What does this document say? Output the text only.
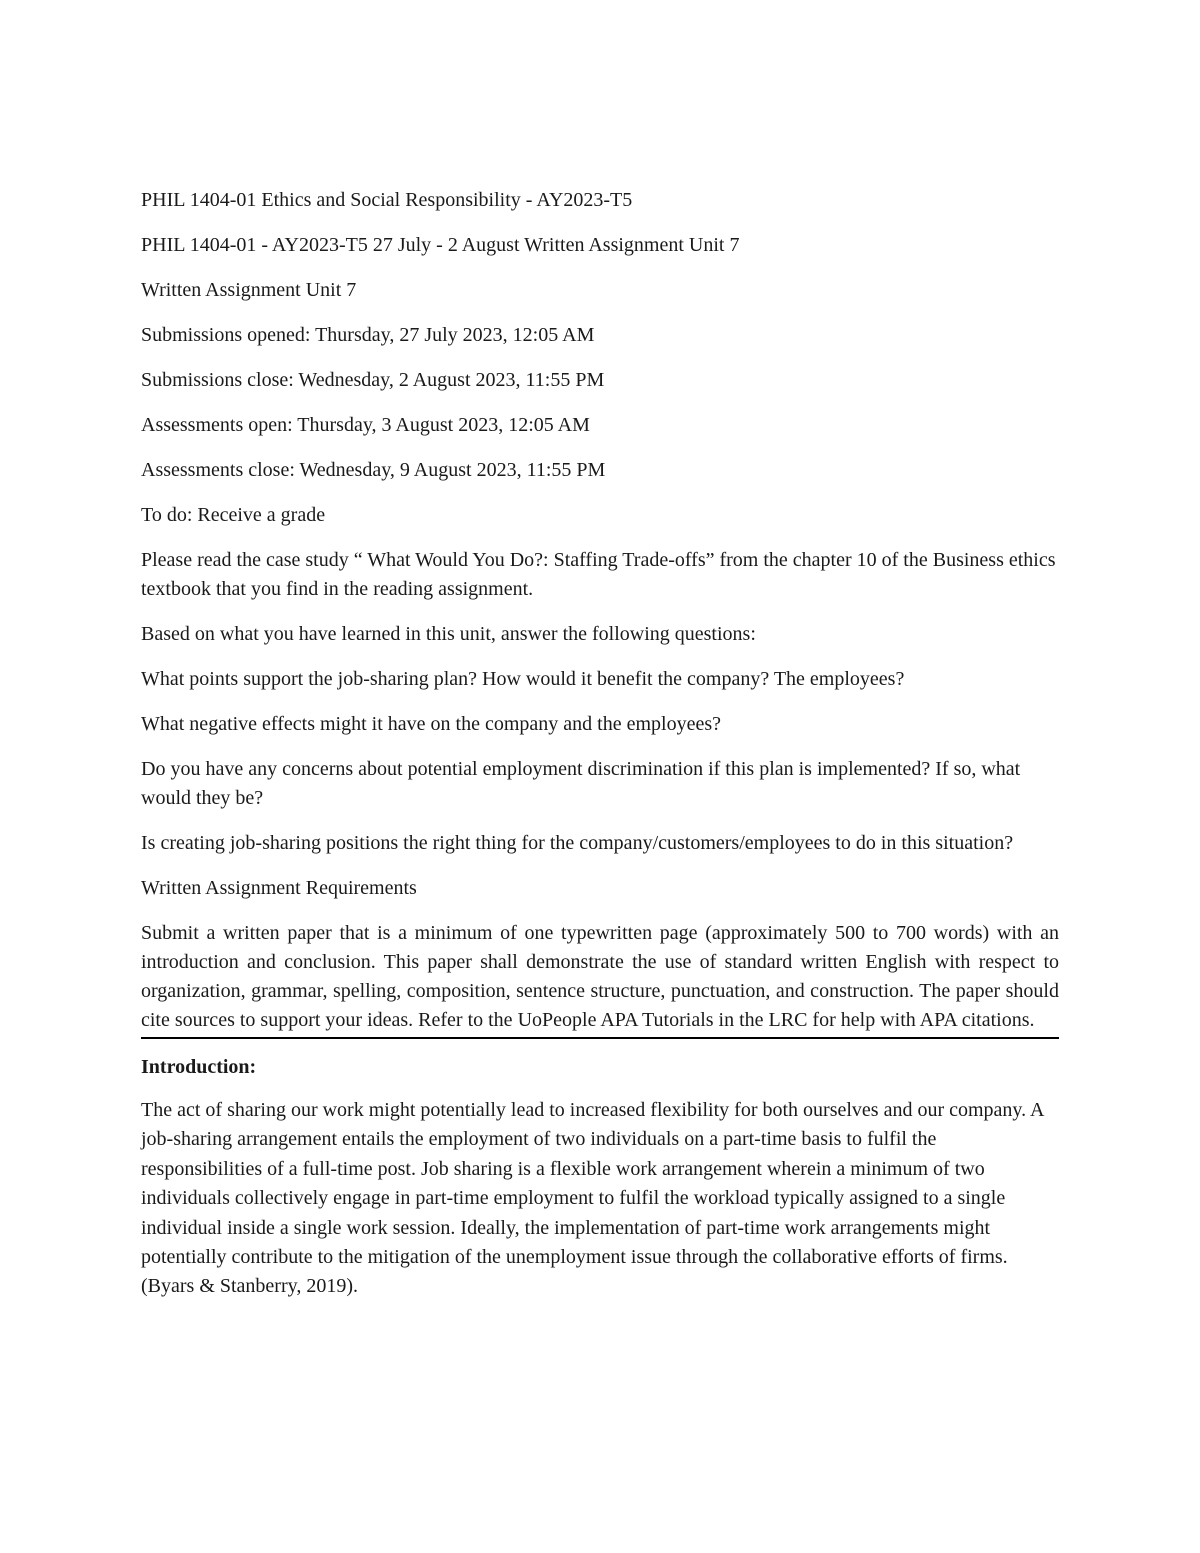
PHIL 1404-01 Ethics and Social Responsibility - AY2023-T5

PHIL 1404-01 - AY2023-T5 27 July - 2 August Written Assignment Unit 7

Written Assignment Unit 7

Submissions opened: Thursday, 27 July 2023, 12:05 AM

Submissions close: Wednesday, 2 August 2023, 11:55 PM

Assessments open: Thursday, 3 August 2023, 12:05 AM

Assessments close: Wednesday, 9 August 2023, 11:55 PM

To do: Receive a grade

Please read the case study “ What Would You Do?: Staffing Trade-offs” from the chapter 10 of the Business ethics textbook that you find in the reading assignment.

Based on what you have learned in this unit, answer the following questions:

What points support the job-sharing plan? How would it benefit the company? The employees?

What negative effects might it have on the company and the employees?

Do you have any concerns about potential employment discrimination if this plan is implemented? If so, what would they be?

Is creating job-sharing positions the right thing for the company/customers/employees to do in this situation?

Written Assignment Requirements

Submit a written paper that is a minimum of one typewritten page (approximately 500 to 700 words) with an introduction and conclusion. This paper shall demonstrate the use of standard written English with respect to organization, grammar, spelling, composition, sentence structure, punctuation, and construction. The paper should cite sources to support your ideas. Refer to the UoPeople APA Tutorials in the LRC for help with APA citations.

Introduction:

The act of sharing our work might potentially lead to increased flexibility for both ourselves and our company. A job-sharing arrangement entails the employment of two individuals on a part-time basis to fulfil the responsibilities of a full-time post. Job sharing is a flexible work arrangement wherein a minimum of two individuals collectively engage in part-time employment to fulfil the workload typically assigned to a single individual inside a single work session. Ideally, the implementation of part-time work arrangements might potentially contribute to the mitigation of the unemployment issue through the collaborative efforts of firms. (Byars & Stanberry, 2019).
